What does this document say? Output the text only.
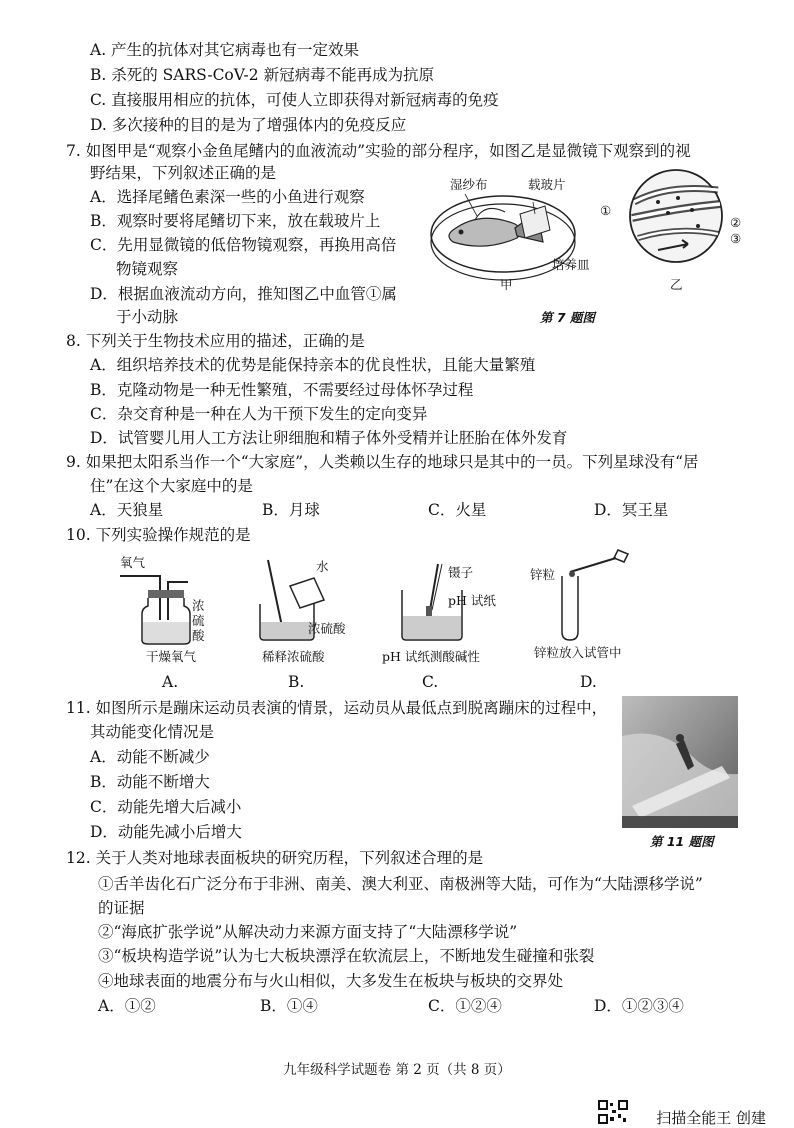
A. 产生的抗体对其它病毒也有一定效果
B. 杀死的 SARS-CoV-2 新冠病毒不能再成为抗原
C. 直接服用相应的抗体，可使人立即获得对新冠病毒的免疫
D. 多次接种的目的是为了增强体内的免疫反应
7. 如图甲是“观察小金鱼尾鳍内的血液流动”实验的部分程序，如图乙是显微镜下观察到的视
野结果，下列叙述正确的是
A．选择尾鳍色素深一些的小鱼进行观察
B．观察时要将尾鳍切下来，放在载玻片上
C．先用显微镜的低倍物镜观察，再换用高倍
物镜观察
D．根据血液流动方向，推知图乙中血管①属
于小动脉
湿纱布	载玻片
培养皿
甲
①
②
③
乙
第 7 题图
8. 下列关于生物技术应用的描述，正确的是
A．组织培养技术的优势是能保持亲本的优良性状，且能大量繁殖
B．克隆动物是一种无性繁殖，不需要经过母体怀孕过程
C．杂交育种是一种在人为干预下发生的定向变异
D．试管婴儿用人工方法让卵细胞和精子体外受精并让胚胎在体外发育
9. 如果把太阳系当作一个“大家庭”，人类赖以生存的地球只是其中的一员。下列星球没有“居
住”在这个大家庭中的是
A．天狼星	B．月球	C．火星	D．冥王星
10. 下列实验操作规范的是
氧气
浓硫酸
干燥氧气
A.
水
浓硫酸
稀释浓硫酸
B.
镊子
pH 试纸
pH 试纸测酸碱性
C.
锌粒
锌粒放入试管中
D.
11. 如图所示是蹦床运动员表演的情景，运动员从最低点到脱离蹦床的过程中，
其动能变化情况是
A．动能不断减少
B．动能不断增大
C．动能先增大后减小
D．动能先减小后增大
第 11 题图
12. 关于人类对地球表面板块的研究历程，下列叙述合理的是
①舌羊齿化石广泛分布于非洲、南美、澳大利亚、南极洲等大陆，可作为“大陆漂移学说”
的证据
②“海底扩张学说”从解决动力来源方面支持了“大陆漂移学说”
③“板块构造学说”认为七大板块漂浮在软流层上，不断地发生碰撞和张裂
④地球表面的地震分布与火山相似，大多发生在板块与板块的交界处
A．①②	B．①④	C．①②④	D．①②③④
九年级科学试题卷 第 2 页（共 8 页）
扫描全能王 创建
